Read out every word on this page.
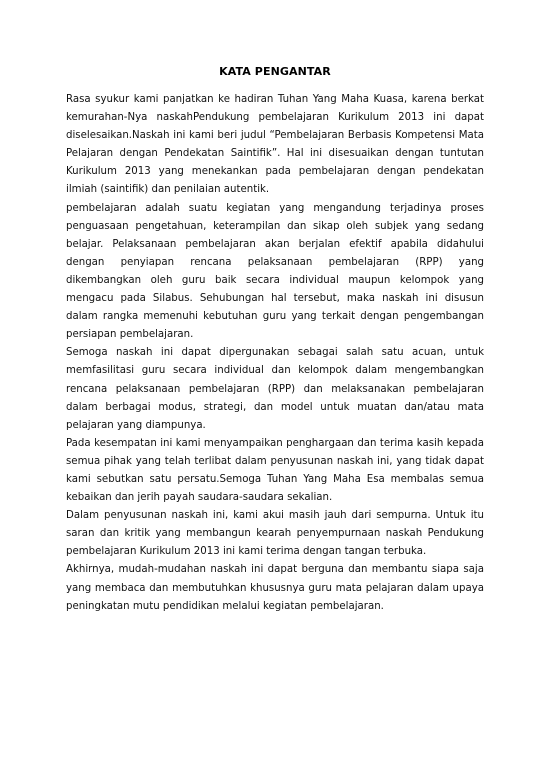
KATA PENGANTAR

Rasa syukur kami panjatkan ke hadiran Tuhan Yang Maha Kuasa, karena berkat kemurahan-Nya naskahPendukung pembelajaran Kurikulum 2013 ini dapat diselesaikan.Naskah ini kami beri judul “Pembelajaran Berbasis Kompetensi Mata Pelajaran dengan Pendekatan Saintifik”. Hal ini disesuaikan dengan tuntutan Kurikulum 2013 yang menekankan pada pembelajaran dengan pendekatan ilmiah (saintifik) dan penilaian autentik.

pembelajaran adalah suatu kegiatan yang mengandung terjadinya proses penguasaan pengetahuan, keterampilan dan sikap oleh subjek yang sedang belajar. Pelaksanaan pembelajaran akan berjalan efektif apabila didahului dengan penyiapan rencana pelaksanaan pembelajaran (RPP) yang dikembangkan oleh guru baik secara individual maupun kelompok yang mengacu pada Silabus. Sehubungan hal tersebut, maka naskah ini disusun dalam rangka memenuhi kebutuhan guru yang terkait dengan pengembangan persiapan pembelajaran.

Semoga naskah ini dapat dipergunakan sebagai salah satu acuan, untuk memfasilitasi guru secara individual dan kelompok dalam mengembangkan rencana pelaksanaan pembelajaran (RPP) dan melaksanakan pembelajaran dalam berbagai modus, strategi, dan model untuk muatan dan/atau mata pelajaran yang diampunya.

Pada kesempatan ini kami menyampaikan penghargaan dan terima kasih kepada semua pihak yang telah terlibat dalam penyusunan naskah ini, yang tidak dapat kami sebutkan satu persatu.Semoga Tuhan Yang Maha Esa membalas semua kebaikan dan jerih payah saudara-saudara sekalian.

Dalam penyusunan naskah ini, kami akui masih jauh dari sempurna. Untuk itu saran dan kritik yang membangun kearah penyempurnaan naskah Pendukung pembelajaran Kurikulum 2013 ini kami terima dengan tangan terbuka.

Akhirnya, mudah-mudahan naskah ini dapat berguna dan membantu siapa saja yang membaca dan membutuhkan khususnya guru mata pelajaran dalam upaya peningkatan mutu pendidikan melalui kegiatan pembelajaran.
